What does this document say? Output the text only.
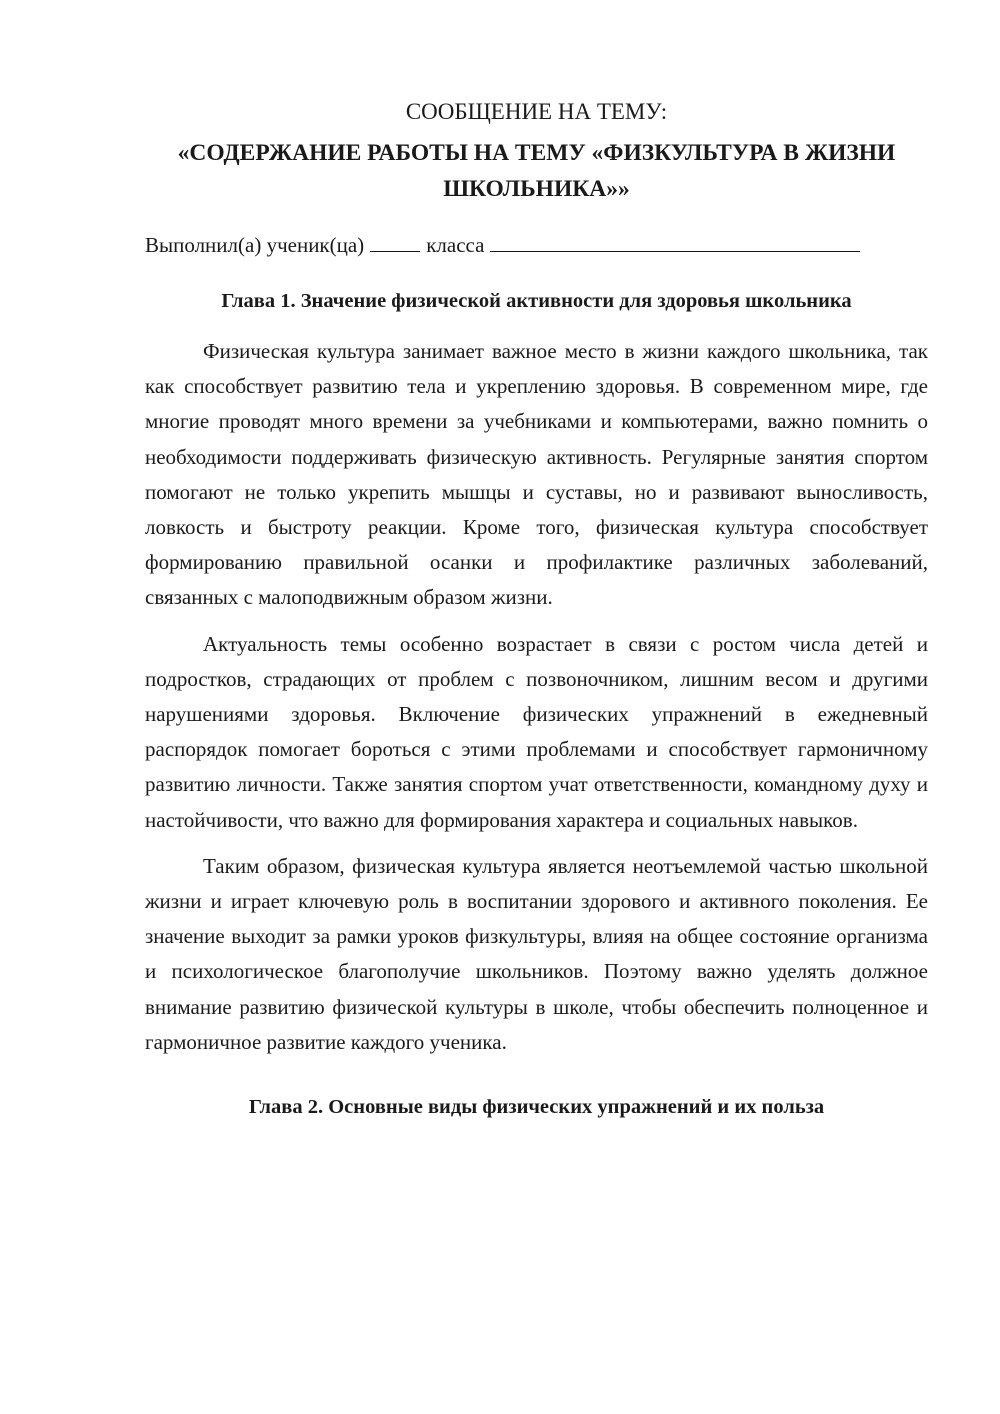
СООБЩЕНИЕ НА ТЕМУ:

«СОДЕРЖАНИЕ РАБОТЫ НА ТЕМУ «ФИЗКУЛЬТУРА В ЖИЗНИ
ШКОЛЬНИКА»»

Выполнил(а) ученик(ца)	класса

Глава 1. Значение физической активности для здоровья школьника

Физическая культура занимает важное место в жизни каждого школьника, так как способствует развитию тела и укреплению здоровья. В современном мире, где многие проводят много времени за учебниками и компьютерами, важно помнить о необходимости поддерживать физическую активность. Регулярные занятия спортом помогают не только укрепить мышцы и суставы, но и развивают выносливость, ловкость и быстроту реакции. Кроме того, физическая культура способствует формированию правильной осанки и профилактике различных заболеваний, связанных с малоподвижным образом жизни.

Актуальность темы особенно возрастает в связи с ростом числа детей и подростков, страдающих от проблем с позвоночником, лишним весом и другими нарушениями здоровья. Включение физических упражнений в ежедневный распорядок помогает бороться с этими проблемами и способствует гармоничному развитию личности. Также занятия спортом учат ответственности, командному духу и настойчивости, что важно для формирования характера и социальных навыков.

Таким образом, физическая культура является неотъемлемой частью школьной жизни и играет ключевую роль в воспитании здорового и активного поколения. Ее значение выходит за рамки уроков физкультуры, влияя на общее состояние организма и психологическое благополучие школьников. Поэтому важно уделять должное внимание развитию физической культуры в школе, чтобы обеспечить полноценное и гармоничное развитие каждого ученика.

Глава 2. Основные виды физических упражнений и их польза
